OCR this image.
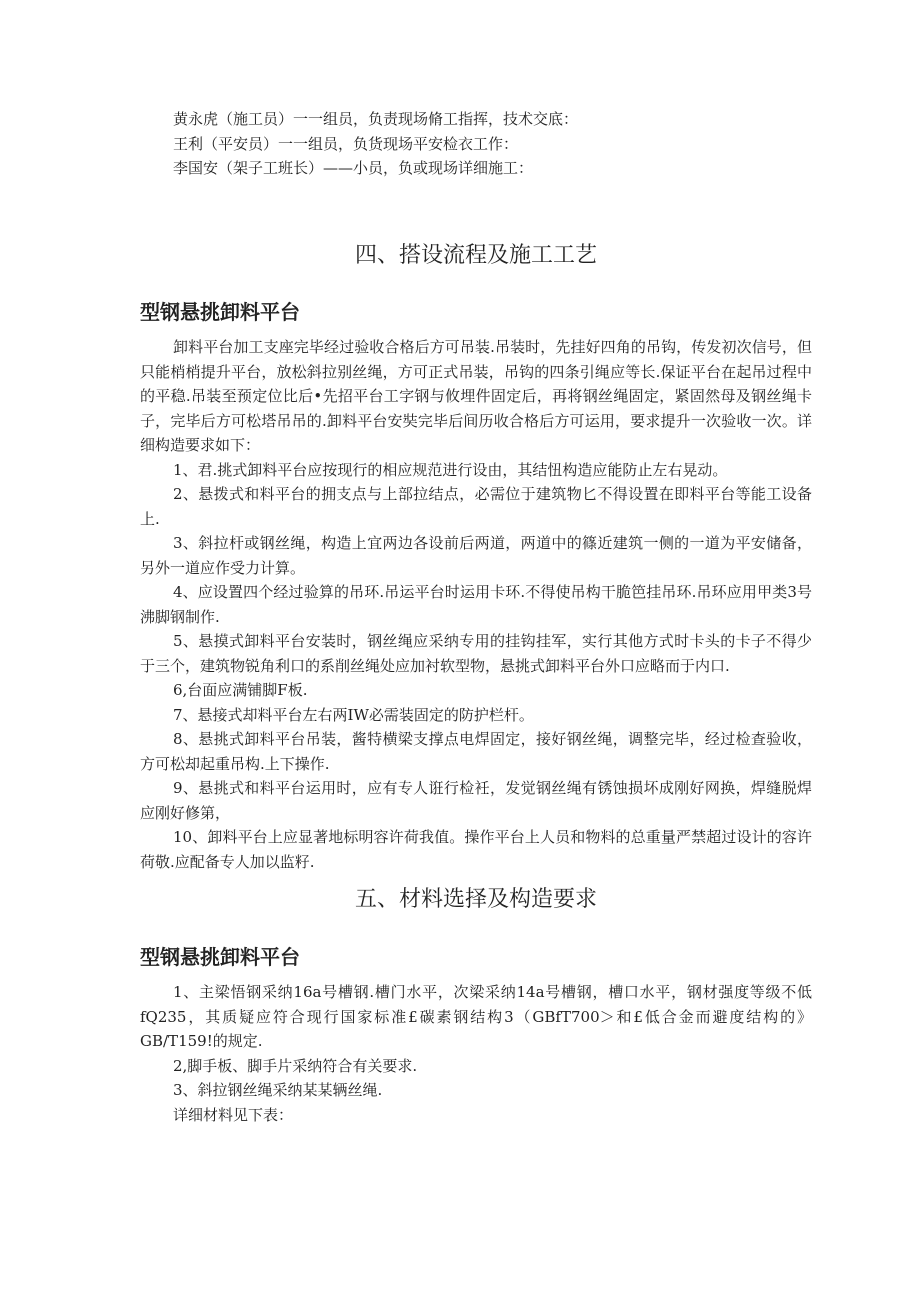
黄永虎（施工员）一一组员，负责现场脩工指挥，技术交底：
王利（平安员）一一组员，负货现场平安检衣工作：
李国安（架子工班长）——小员，负或现场详细施工：
四、搭设流程及施工工艺
型钢悬挑卸料平台
卸料平台加工支座完毕经过验收合格后方可吊装.吊装时，先挂好四角的吊钩，传发初次信号，但只能梢梢提升平台，放松斜拉别丝绳，方可正式吊装，吊钩的四条引绳应等长.保证平台在起吊过程中的平稳.吊装至预定位比后•先招平台工字钢与攸埋件固定后，再将钢丝绳固定，紧固然母及钢丝绳卡子，完毕后方可松塔吊吊的.卸料平台安奘完毕后间历收合格后方可运用，要求提升一次验收一次。详细构造要求如下：
1、君.挑式卸料平台应按现行的相应规范进行设由，其结忸构造应能防止左右晃动。
2、悬拨式和料平台的拥支点与上部拉结点，必需位于建筑物匕不得设置在即料平台等能工设备上.
3、斜拉杆或钢丝绳，构造上宜两边各设前后两道，两道中的篠近建筑一侧的一道为平安储备，另外一道应作受力计算。
4、应设置四个经过验算的吊环.吊运平台时运用卡环.不得使吊构干脆笆挂吊环.吊环应用甲类3号沸脚钢制作.
5、悬摸式卸料平台安装时，钢丝绳应采纳专用的挂钩挂军，实行其他方式时卡头的卡子不得少于三个，建筑物锐角利口的系削丝绳处应加衬软型物，悬挑式卸料平台外口应略而于内口.
6,台面应满铺脚F板.
7、悬接式却料平台左右两IW必需装固定的防护栏杆。
8、悬挑式卸料平台吊装，酱特横梁支撑点电焊固定，接好钢丝绳，调整完毕，经过检查验收，方可松却起重吊构.上下操作.
9、悬挑式和料平台运用时，应有专人诳行检衽，发觉钢丝绳有锈蚀损坏成刚好网换，焊缝脱焊应刚好修第，
10、卸料平台上应显著地标明容许荷我值。操作平台上人员和物料的总重量严禁超过设计的容许荷敬.应配备专人加以监籽.
五、材料选择及构造要求
型钢悬挑卸料平台
1、主梁悟钢采纳16a号槽钢.槽门水平，次梁采纳14a号槽钢，槽口水平，钢材强度等级不低fQ235，其质疑应符合现行国家标准£碳素钢结构3（GBfT700＞和£低合金而避度结构的》GB/T159!的规定.
2,脚手板、脚手片采纳符合有关要求.
3、斜拉钢丝绳采纳某某辆丝绳.
详细材料见下表：
